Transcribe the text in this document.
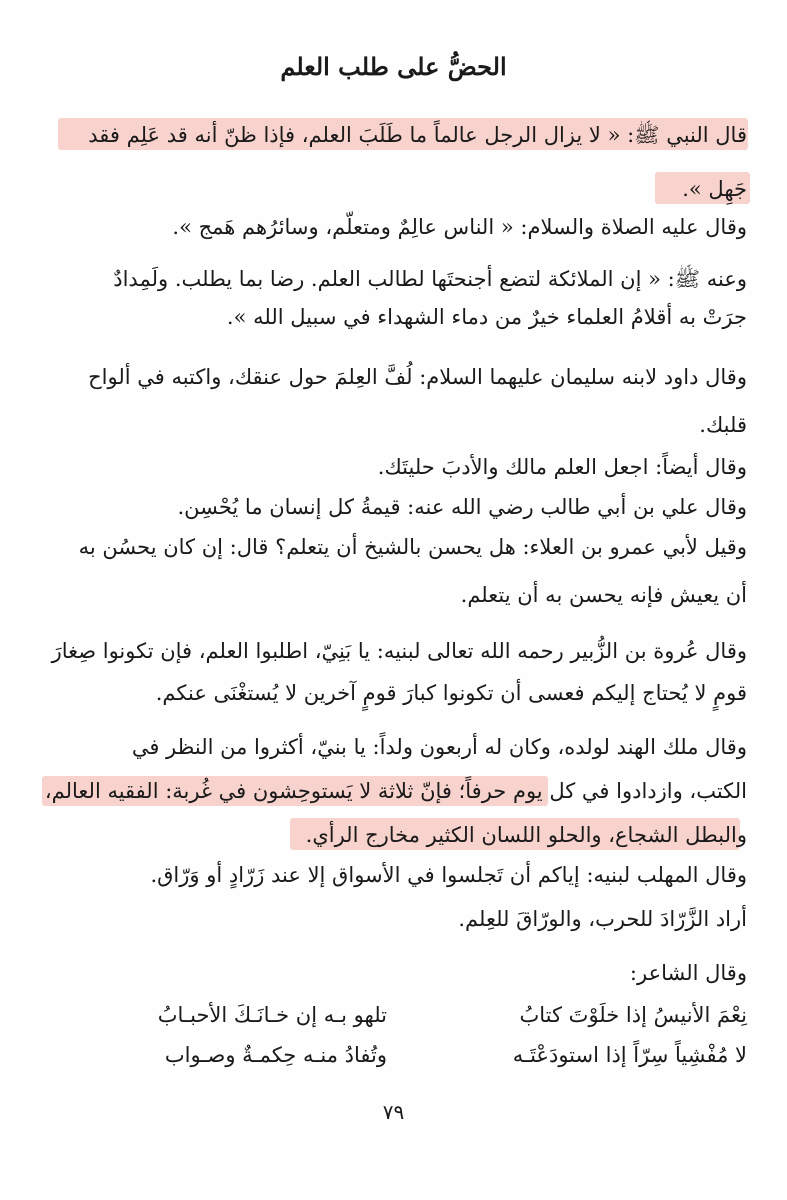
الحضُّ على طلب العلم
قال النبي ﷺ: « لا يزال الرجل عالماً ما طَلَبَ العلم، فإذا ظنّ أنه قد عَلِم فقد
جَهِل ».
وقال عليه الصلاة والسلام: « الناس عالِمٌ ومتعلّم، وسائرُهم هَمج ».
وعنه ﷺ: « إن الملائكة لتضع أجنحتَها لطالب العلم. رضا بما يطلب. ولَمِدادٌ
جرَتْ به أقلامُ العلماء خيرٌ من دماء الشهداء في سبيل الله ».
وقال داود لابنه سليمان عليهما السلام: لُفَّ العِلمَ حول عنقك، واكتبه في ألواح
قلبك.
وقال أيضاً: اجعل العلم مالك والأدبَ حليتَك.
وقال علي بن أبي طالب رضي الله عنه: قيمةُ كل إنسان ما يُحْسِن.
وقيل لأبي عمرو بن العلاء: هل يحسن بالشيخ أن يتعلم؟ قال: إن كان يحسُن به
أن يعيش فإنه يحسن به أن يتعلم.
وقال عُروة بن الزُّبير رحمه الله تعالى لبنيه: يا بَنِيّ، اطلبوا العلم، فإن تكونوا صِغارَ
قومٍ لا يُحتاج إليكم فعسى أن تكونوا كبارَ قومٍ آخرين لا يُستغْنَى عنكم.
وقال ملك الهند لولده، وكان له أربعون ولداً: يا بنيّ، أكثروا من النظر في
الكتب، وازدادوا في كل يوم حرفاً؛ فإنّ ثلاثة لا يَستوحِشون في غُربة: الفقيه العالم،
والبطل الشجاع، والحلو اللسان الكثير مخارج الرأي.
وقال المهلب لبنيه: إياكم أن تَجلسوا في الأسواق إلا عند زَرّادٍ أو وَرّاق.
أراد الزَّرّادَ للحرب، والورّاقَ للعِلم.
وقال الشاعر:
نِعْمَ الأنيسُ إذا خلَوْتَ كتابُ
تلهو بـه إن خـانَـكَ الأحبـابُ
لا مُفْشِياً سِرّاً إذا استودَعْتَـه
وتُفادُ منـه حِكمـةٌ وصـواب
٧٩
